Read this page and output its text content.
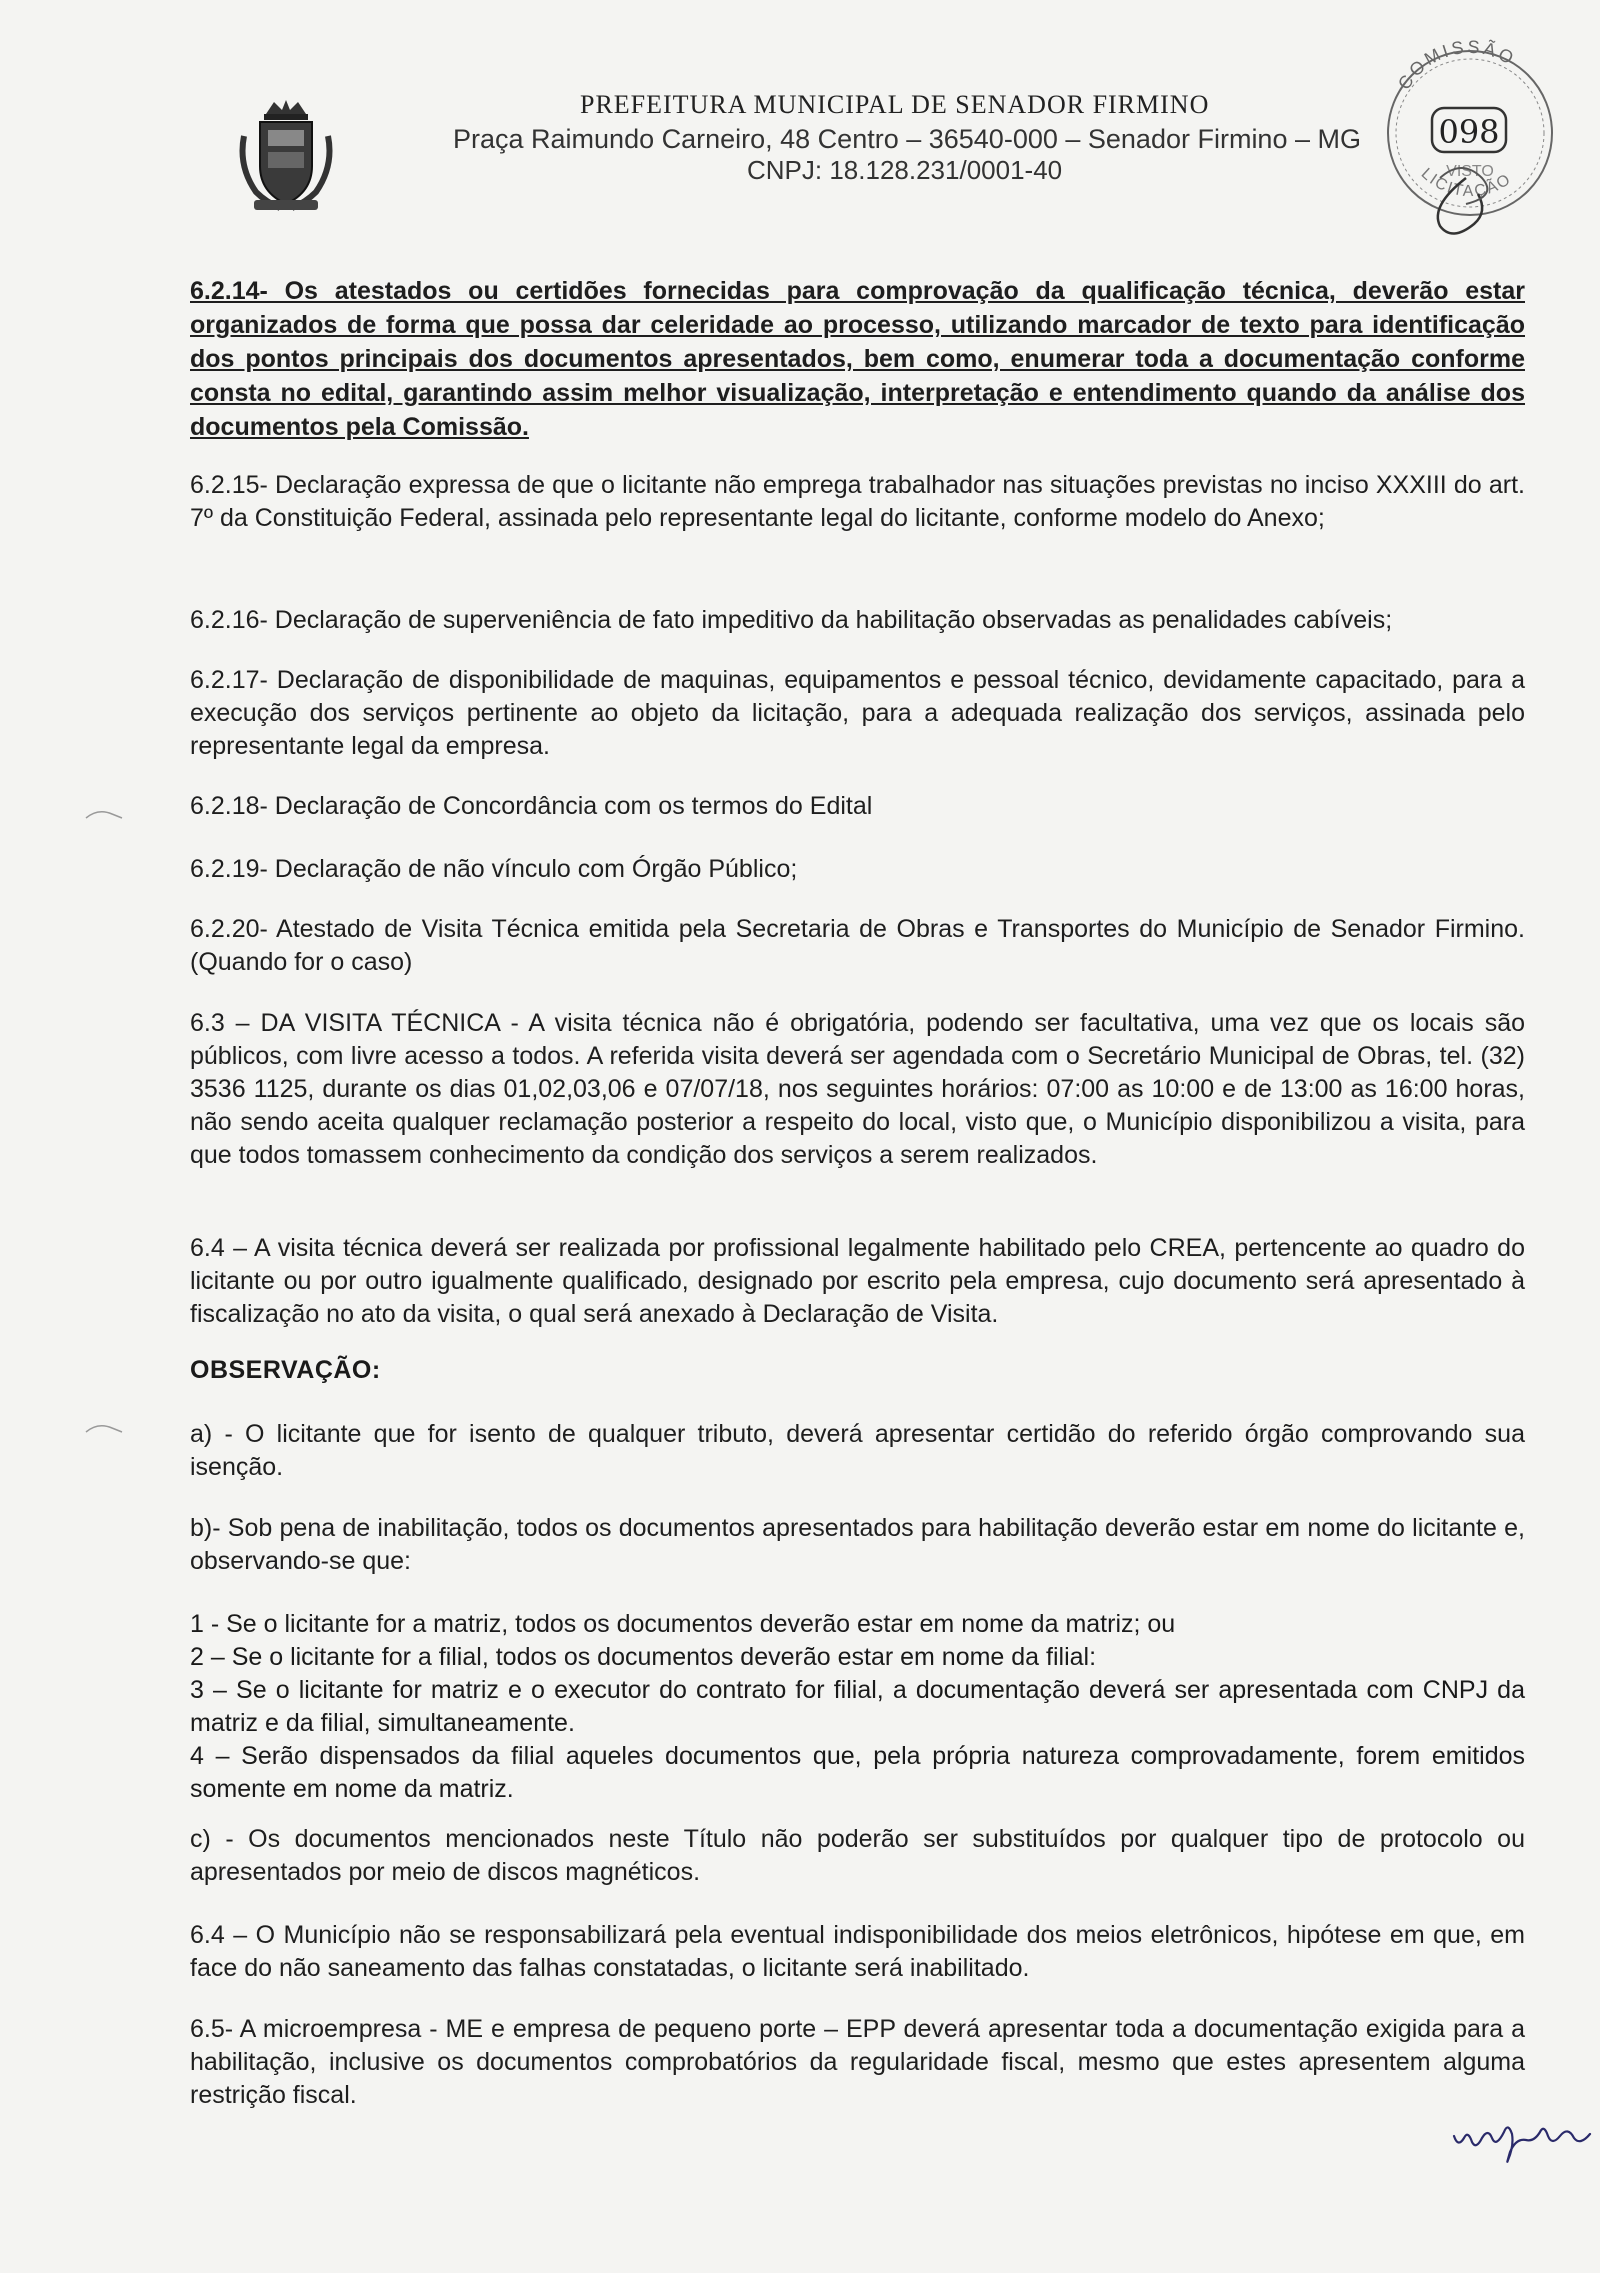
PREFEITURA MUNICIPAL DE SENADOR FIRMINO
Praça Raimundo Carneiro, 48 Centro – 36540-000 – Senador Firmino – MG
CNPJ: 18.128.231/0001-40
COMISSÃO
098
VISTO
LICITAÇÃO
6.2.14- Os atestados ou certidões fornecidas para comprovação da qualificação técnica, deverão estar organizados de forma que possa dar celeridade ao processo, utilizando marcador de texto para identificação dos pontos principais dos documentos apresentados, bem como, enumerar toda a documentação conforme consta no edital, garantindo assim melhor visualização, interpretação e entendimento quando da análise dos documentos pela Comissão.
6.2.15- Declaração expressa de que o licitante não emprega trabalhador nas situações previstas no inciso XXXIII do art. 7º da Constituição Federal, assinada pelo representante legal do licitante, conforme modelo do Anexo;
6.2.16- Declaração de superveniência de fato impeditivo da habilitação observadas as penalidades cabíveis;
6.2.17- Declaração de disponibilidade de maquinas, equipamentos e pessoal técnico, devidamente capacitado, para a execução dos serviços pertinente ao objeto da licitação, para a adequada realização dos serviços, assinada pelo representante legal da empresa.
6.2.18- Declaração de Concordância com os termos do Edital
6.2.19- Declaração de não vínculo com Órgão Público;
6.2.20- Atestado de Visita Técnica emitida pela Secretaria de Obras e Transportes do Município de Senador Firmino. (Quando for o caso)
6.3 – DA VISITA TÉCNICA - A visita técnica não é obrigatória, podendo ser facultativa, uma vez que os locais são públicos, com livre acesso a todos. A referida visita deverá ser agendada com o Secretário Municipal de Obras, tel. (32) 3536 1125, durante os dias 01,02,03,06 e 07/07/18, nos seguintes horários: 07:00 as 10:00 e de 13:00 as 16:00 horas, não sendo aceita qualquer reclamação posterior a respeito do local, visto que, o Município disponibilizou a visita, para que todos tomassem conhecimento da condição dos serviços a serem realizados.
6.4 – A visita técnica deverá ser realizada por profissional legalmente habilitado pelo CREA, pertencente ao quadro do licitante ou por outro igualmente qualificado, designado por escrito pela empresa, cujo documento será apresentado à fiscalização no ato da visita, o qual será anexado à Declaração de Visita.
OBSERVAÇÃO:
a) - O licitante que for isento de qualquer tributo, deverá apresentar certidão do referido órgão comprovando sua isenção.
b)- Sob pena de inabilitação, todos os documentos apresentados para habilitação deverão estar em nome do licitante e, observando-se que:
1 - Se o licitante for a matriz, todos os documentos deverão estar em nome da matriz; ou
2 – Se o licitante for a filial, todos os documentos deverão estar em nome da filial:
3 – Se o licitante for matriz e o executor do contrato for filial, a documentação deverá ser apresentada com CNPJ da matriz e da filial, simultaneamente.
4 – Serão dispensados da filial aqueles documentos que, pela própria natureza comprovadamente, forem emitidos somente em nome da matriz.
c) - Os documentos mencionados neste Título não poderão ser substituídos por qualquer tipo de protocolo ou apresentados por meio de discos magnéticos.
6.4 – O Município não se responsabilizará pela eventual indisponibilidade dos meios eletrônicos, hipótese em que, em face do não saneamento das falhas constatadas, o licitante será inabilitado.
6.5- A microempresa - ME e empresa de pequeno porte – EPP deverá apresentar toda a documentação exigida para a habilitação, inclusive os documentos comprobatórios da regularidade fiscal, mesmo que estes apresentem alguma restrição fiscal.
